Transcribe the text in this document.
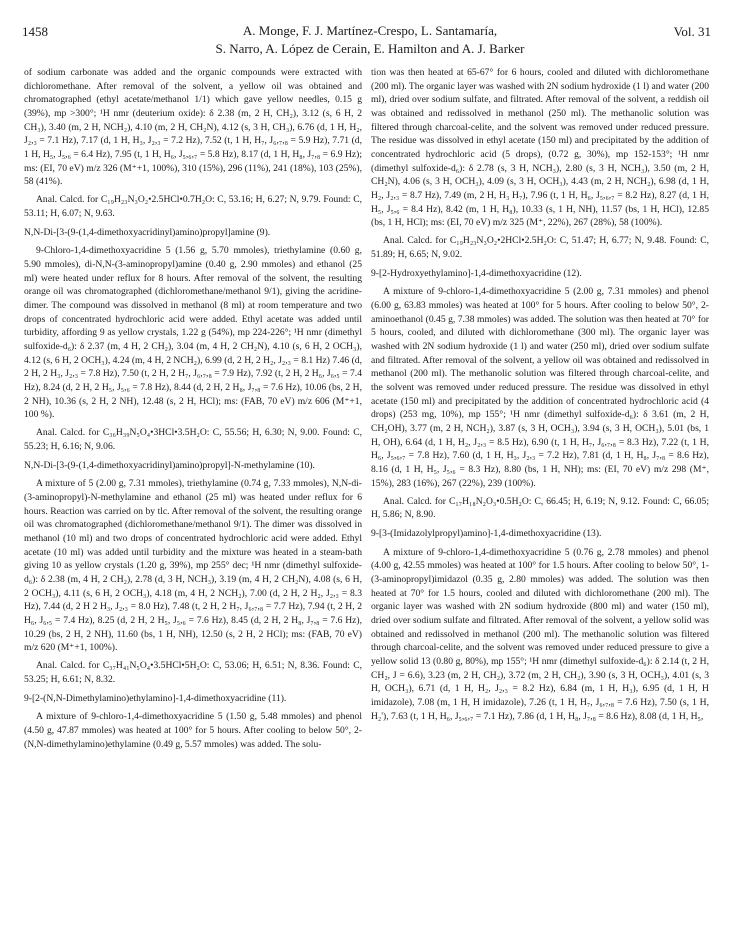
1458	A. Monge, F. J. Martínez-Crespo, L. Santamaría,
S. Narro, A. López de Cerain, E. Hamilton and A. J. Barker
Vol. 31

of sodium carbonate was added and the organic compounds were extracted with dichloromethane. After removal of the solvent, a yellow oil was obtained and chromatographed (ethyl acetate/methanol 1/1) which gave yellow needles, 0.15 g (39%), mp >300°; ¹H nmr (deuterium oxide): δ 2.38 (m, 2 H, CH₂), 3.12 (s, 6 H, 2 CH₃), 3.40 (m, 2 H, NCH₂), 4.10 (m, 2 H, CH₂N), 4.12 (s, 3 H, CH₃), 6.76 (d, 1 H, H₂, J₂,₃ = 7.1 Hz), 7.17 (d, 1 H, H₃, J₂,₃ = 7.2 Hz), 7.52 (t, 1 H, H₇, J₆,₇,₈ = 5.9 Hz), 7.71 (d, 1 H, H₅, J₅,₆ = 6.4 Hz), 7.95 (t, 1 H, H₆, J₅,₆,₇ = 5.8 Hz), 8.17 (d, 1 H, H₈, J₇,₈ = 6.9 Hz); ms: (EI, 70 eV) m/z 326 (M⁺+1, 100%), 310 (15%), 296 (11%), 241 (18%), 103 (25%), 58 (41%).

Anal. Calcd. for C₁₉H₂₃N₃O₂•2.5HCl•0.7H₂O: C, 53.16; H, 6.27; N, 9.79. Found: C, 53.11; H, 6.07; N, 9.63.

N,N-Di-[3-(9-(1,4-dimethoxyacridinyl)amino)propyl]amine (9).

9-Chloro-1,4-dimethoxyacridine 5 (1.56 g, 5.70 mmoles), triethylamine (0.60 g, 5.90 mmoles), di-N,N-(3-aminopropyl)amine (0.40 g, 2.90 mmoles) and ethanol (25 ml) were heated under reflux for 8 hours. After removal of the solvent, the resulting orange oil was chromatographed (dichloromethane/methanol 9/1), giving the acridine-dimer. The compound was dissolved in methanol (8 ml) at room temperature and two drops of concentrated hydrochloric acid were added. Ethyl acetate was added until turbidity, affording 9 as yellow crystals, 1.22 g (54%), mp 224-226°; ¹H nmr (dimethyl sulfoxide-d₆): δ 2.37 (m, 4 H, 2 CH₂), 3.04 (m, 4 H, 2 CH₂N), 4.10 (s, 6 H, 2 OCH₃), 4.12 (s, 6 H, 2 OCH₃), 4.24 (m, 4 H, 2 NCH₂), 6.99 (d, 2 H, 2 H₂, J₂,₃ = 8.1 Hz) 7.46 (d, 2 H, 2 H₃, J₂,₃ = 7.8 Hz), 7.50 (t, 2 H, 2 H₇, J₆,₇,₈ = 7.9 Hz), 7.92 (t, 2 H, 2 H₆, J₆,₅ = 7.4 Hz), 8.24 (d, 2 H, 2 H₅, J₅,₆ = 7.8 Hz), 8.44 (d, 2 H, 2 H₈, J₇,₈ = 7.6 Hz), 10.06 (bs, 2 H, 2 NH), 10.36 (s, 2 H, 2 NH), 12.48 (s, 2 H, HCl); ms: (FAB, 70 eV) m/z 606 (M⁺+1, 100 %).

Anal. Calcd. for C₃₆H₃₉N₅O₄•3HCl•3.5H₂O: C, 55.56; H, 6.30; N, 9.00. Found: C, 55.23; H, 6.16; N, 9.06.

N,N-Di-[3-(9-(1,4-dimethoxyacridinyl)amino)propyl]-N-methylamine (10).

A mixture of 5 (2.00 g, 7.31 mmoles), triethylamine (0.74 g, 7.33 mmoles), N,N-di-(3-aminopropyl)-N-methylamine and ethanol (25 ml) was heated under reflux for 6 hours. Reaction was carried on by tlc. After removal of the solvent, the resulting orange oil was chromatographed (dichloromethane/methanol 9/1). The dimer was dissolved in methanol (10 ml) and two drops of concentrated hydrochloric acid were added. Ethyl acetate (10 ml) was added until turbidity and the mixture was heated in a steam-bath giving 10 as yellow crystals (1.20 g, 39%), mp 255° dec; ¹H nmr (dimethyl sulfoxide-d₆): δ 2.38 (m, 4 H, 2 CH₂), 2.78 (d, 3 H, NCH₃), 3.19 (m, 4 H, 2 CH₂N), 4.08 (s, 6 H, 2 OCH₃), 4.11 (s, 6 H, 2 OCH₃), 4.18 (m, 4 H, 2 NCH₂), 7.00 (d, 2 H, 2 H₂, J₂,₃ = 8.3 Hz), 7.44 (d, 2 H 2 H₃, J₂,₃ = 8.0 Hz), 7.48 (t, 2 H, 2 H₇, J₆,₇,₈ = 7.7 Hz), 7.94 (t, 2 H, 2 H₆, J₆,₅ = 7.4 Hz), 8.25 (d, 2 H, 2 H₅, J₅,₆ = 7.6 Hz), 8.45 (d, 2 H, 2 H₈, J₇,₈ = 7.6 Hz), 10.29 (bs, 2 H, 2 NH), 11.60 (bs, 1 H, NH), 12.50 (s, 2 H, 2 HCl); ms: (FAB, 70 eV) m/z 620 (M⁺+1, 100%).

Anal. Calcd. for C₃₇H₄₁N₅O₄•3.5HCl•5H₂O: C, 53.06; H, 6.51; N, 8.36. Found: C, 53.25; H, 6.61; N, 8.32.

9-[2-(N,N-Dimethylamino)ethylamino]-1,4-dimethoxyacridine (11).

A mixture of 9-chloro-1,4-dimethoxyacridine 5 (1.50 g, 5.48 mmoles) and phenol (4.50 g, 47.87 mmoles) was heated at 100° for 5 hours. After cooling to below 50°, 2-(N,N-dimethylamino)ethylamine (0.49 g, 5.57 mmoles) was added. The solu-

tion was then heated at 65-67° for 6 hours, cooled and diluted with dichloromethane (200 ml). The organic layer was washed with 2N sodium hydroxide (1 l) and water (200 ml), dried over sodium sulfate, and filtrated. After removal of the solvent, a reddish oil was obtained and redissolved in methanol (250 ml). The methanolic solution was filtered through charcoal-celite, and the solvent was removed under reduced pressure. The residue was dissolved in ethyl acetate (150 ml) and precipitated by the addition of concentrated hydrochloric acid (5 drops), (0.72 g, 30%), mp 152-153°; ¹H nmr (dimethyl sulfoxide-d₆): δ 2.78 (s, 3 H, NCH₃), 2.80 (s, 3 H, NCH₃), 3.50 (m, 2 H, CH₂N), 4.06 (s, 3 H, OCH₃), 4.09 (s, 3 H, OCH₃), 4.43 (m, 2 H, NCH₂), 6.98 (d, 1 H, H₂, J₂,₃ = 8.7 Hz), 7.49 (m, 2 H, H₃ H₇), 7.96 (t, 1 H, H₆, J₅,₆,₇ = 8.2 Hz), 8.27 (d, 1 H, H₅, J₅,₆ = 8.4 Hz), 8.42 (m, 1 H, H₈), 10.33 (s, 1 H, NH), 11.57 (bs, 1 H, HCl), 12.85 (bs, 1 H, HCl); ms: (EI, 70 eV) m/z 325 (M⁺, 22%), 267 (28%), 58 (100%).

Anal. Calcd. for C₁₉H₂₃N₃O₂•2HCl•2.5H₂O: C, 51.47; H, 6.77; N, 9.48. Found: C, 51.89; H, 6.65; N, 9.02.

9-[2-Hydroxyethylamino]-1,4-dimethoxyacridine (12).

A mixture of 9-chloro-1,4-dimethoxyacridine 5 (2.00 g, 7.31 mmoles) and phenol (6.00 g, 63.83 mmoles) was heated at 100° for 5 hours. After cooling to below 50°, 2-aminoethanol (0.45 g, 7.38 mmoles) was added. The solution was then heated at 70° for 5 hours, cooled, and diluted with dichloromethane (300 ml). The organic layer was washed with 2N sodium hydroxide (1 l) and water (250 ml), dried over sodium sulfate and filtrated. After removal of the solvent, a yellow oil was obtained and redissolved in methanol (200 ml). The methanolic solution was filtered through charcoal-celite, and the solvent was removed under reduced pressure. The residue was dissolved in ethyl acetate (150 ml) and precipitated by the addition of concentrated hydrochloric acid (4 drops) (253 mg, 10%), mp 155°; ¹H nmr (dimethyl sulfoxide-d₆): δ 3.61 (m, 2 H, CH₂OH), 3.77 (m, 2 H, NCH₂), 3.87 (s, 3 H, OCH₃), 3.94 (s, 3 H, OCH₃), 5.01 (bs, 1 H, OH), 6.64 (d, 1 H, H₂, J₂,₃ = 8.5 Hz), 6.90 (t, 1 H, H₇, J₆,₇,₈ = 8.3 Hz), 7.22 (t, 1 H, H₆, J₅,₆,₇ = 7.8 Hz), 7.60 (d, 1 H, H₃, J₂,₃ = 7.2 Hz), 7.81 (d, 1 H, H₈, J₇,₈ = 8.6 Hz), 8.16 (d, 1 H, H₅, J₅,₆ = 8.3 Hz), 8.80 (bs, 1 H, NH); ms: (EI, 70 eV) m/z 298 (M⁺, 15%), 283 (16%), 267 (22%), 239 (100%).

Anal. Calcd. for C₁₇H₁₈N₂O₃•0.5H₂O: C, 66.45; H, 6.19; N, 9.12. Found: C, 66.05; H, 5.86; N, 8.90.

9-[3-(Imidazolylpropyl)amino]-1,4-dimethoxyacridine (13).

A mixture of 9-chloro-1,4-dimethoxyacridine 5 (0.76 g, 2.78 mmoles) and phenol (4.00 g, 42.55 mmoles) was heated at 100° for 1.5 hours. After cooling to below 50°, 1-(3-aminopropyl)imidazol (0.35 g, 2.80 mmoles) was added. The solution was then heated at 70° for 1.5 hours, cooled and diluted with dichloromethane (200 ml). The organic layer was washed with 2N sodium hydroxide (800 ml) and water (150 ml), dried over sodium sulfate and filtrated. After removal of the solvent, a yellow solid was obtained and redissolved in methanol (200 ml). The methanolic solution was filtered through charcoal-celite, and the solvent was removed under reduced pressure to give a yellow solid 13 (0.80 g, 80%), mp 155°; ¹H nmr (dimethyl sulfoxide-d₆): δ 2.14 (t, 2 H, CH₂, J = 6.6), 3.23 (m, 2 H, CH₂), 3.72 (m, 2 H, CH₂), 3.90 (s, 3 H, OCH₃), 4.01 (s, 3 H, OCH₃), 6.71 (d, 1 H, H₂, J₂,₃ = 8.2 Hz), 6.84 (m, 1 H, H₃), 6.95 (d, 1 H, H imidazole), 7.08 (m, 1 H, H imidazole), 7.26 (t, 1 H, H₇, J₆,₇,₈ = 7.6 Hz), 7.50 (s, 1 H, H₂'), 7.63 (t, 1 H, H₆, J₅,₆,₇ = 7.1 Hz), 7.86 (d, 1 H, H₈, J₇,₈ = 8.6 Hz), 8.08 (d, 1 H, H₅,
